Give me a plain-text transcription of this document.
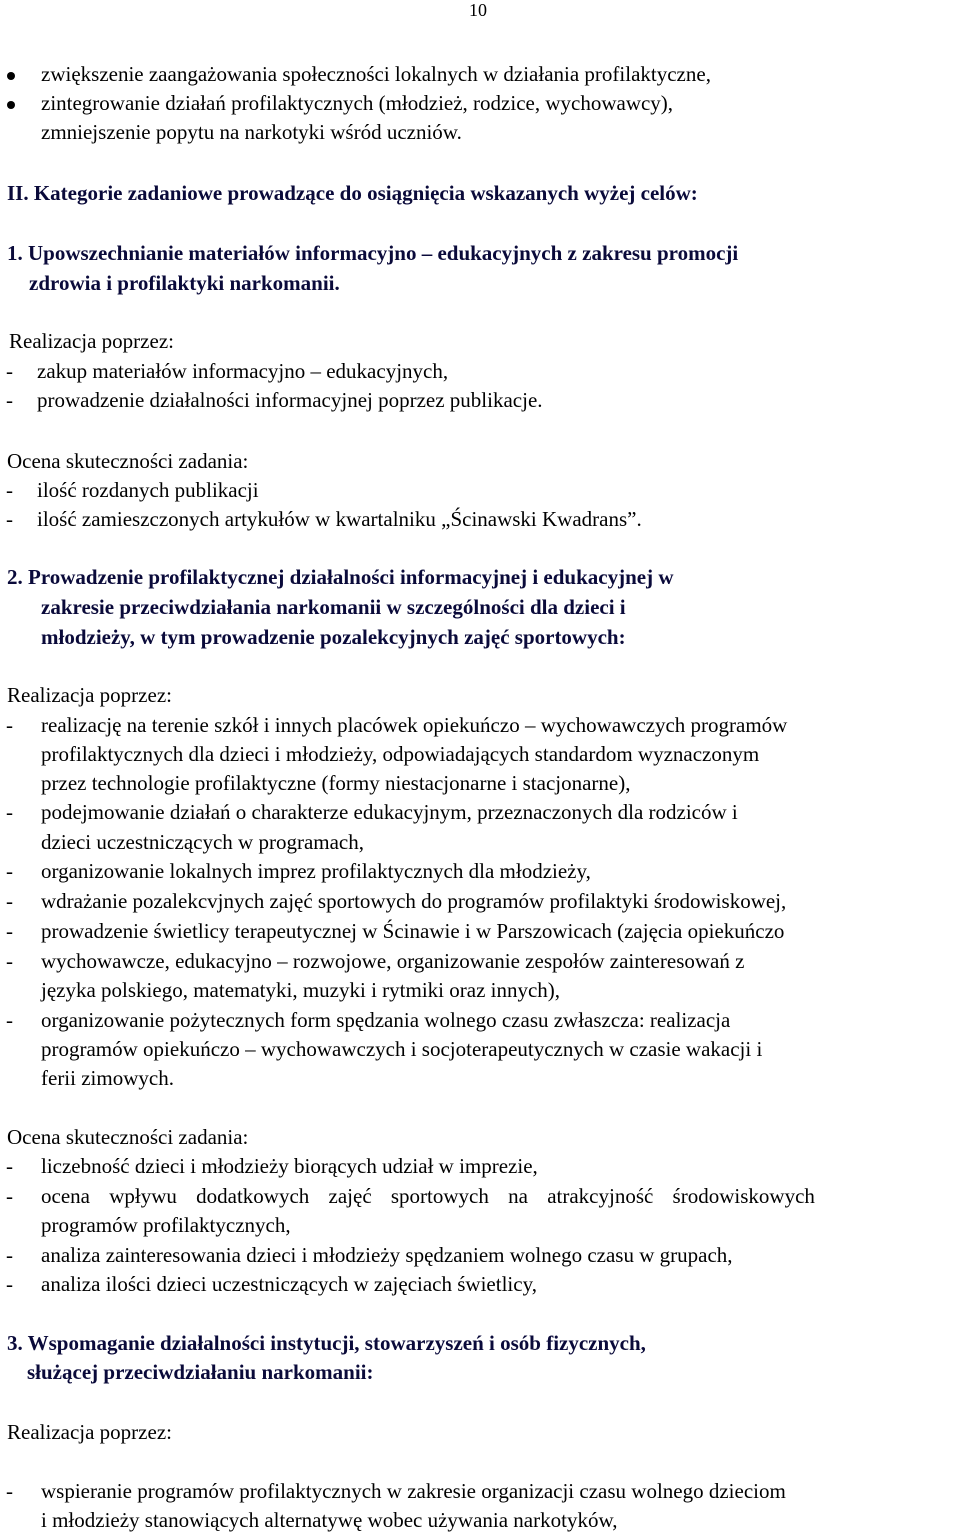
10
zwiększenie zaangażowania społeczności lokalnych w działania profilaktyczne,
zintegrowanie działań profilaktycznych (młodzież, rodzice, wychowawcy),
zmniejszenie popytu na narkotyki wśród uczniów.
II. Kategorie zadaniowe prowadzące do osiągnięcia wskazanych wyżej celów:
1. Upowszechnianie materiałów informacyjno – edukacyjnych z zakresu promocji
zdrowia i profilaktyki narkomanii.
Realizacja poprzez:
- zakup materiałów informacyjno – edukacyjnych,
- prowadzenie działalności informacyjnej poprzez publikacje.
Ocena skuteczności zadania:
- ilość rozdanych publikacji
- ilość zamieszczonych artykułów w kwartalniku „Ścinawski Kwadrans”.
2. Prowadzenie profilaktycznej działalności informacyjnej i edukacyjnej w
zakresie przeciwdziałania narkomanii w szczególności dla dzieci i
młodzieży, w tym prowadzenie pozalekcyjnych zajęć sportowych:
Realizacja poprzez:
- realizację na terenie szkół i innych placówek opiekuńczo – wychowawczych programów
profilaktycznych dla dzieci i młodzieży, odpowiadających standardom wyznaczonym
przez technologie profilaktyczne (formy niestacjonarne i stacjonarne),
- podejmowanie działań o charakterze edukacyjnym, przeznaczonych dla rodziców i
dzieci uczestniczących w programach,
- organizowanie lokalnych imprez profilaktycznych dla młodzieży,
- wdrażanie pozalekcvjnych zajęć sportowych do programów profilaktyki środowiskowej,
- prowadzenie świetlicy terapeutycznej w Ścinawie i w Parszowicach (zajęcia opiekuńczo
- wychowawcze, edukacyjno – rozwojowe, organizowanie zespołów zainteresowań z
języka polskiego, matematyki, muzyki i rytmiki oraz innych),
- organizowanie pożytecznych form spędzania wolnego czasu zwłaszcza: realizacja
programów opiekuńczo – wychowawczych i socjoterapeutycznych w czasie wakacji i
ferii zimowych.
Ocena skuteczności zadania:
- liczebność dzieci i młodzieży biorących udział w imprezie,
- ocena wpływu dodatkowych zajęć sportowych na atrakcyjność środowiskowych
programów profilaktycznych,
- analiza zainteresowania dzieci i młodzieży spędzaniem wolnego czasu w grupach,
- analiza ilości dzieci uczestniczących w zajęciach świetlicy,
3. Wspomaganie działalności instytucji, stowarzyszeń i osób fizycznych,
służącej przeciwdziałaniu narkomanii:
Realizacja poprzez:
- wspieranie programów profilaktycznych w zakresie organizacji czasu wolnego dzieciom
i młodzieży stanowiących alternatywę wobec używania narkotyków,
